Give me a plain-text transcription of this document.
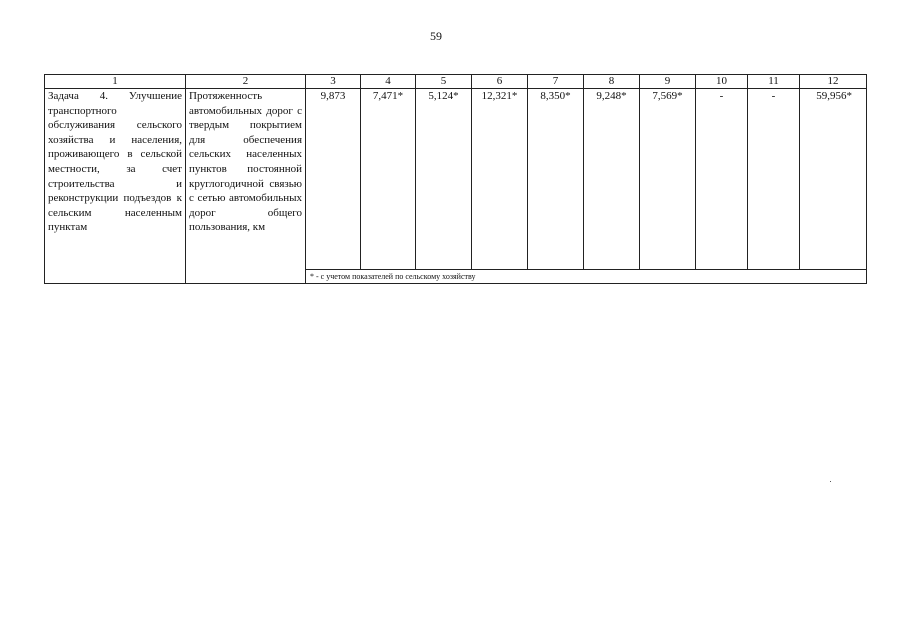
59
1	2	3	4	5	6	7	8	9	10	11	12
Задача 4. Улучшение транспортного обслуживания сельского хозяйства и населения, проживающего в сельской местности, за счет строительства и реконструкции подъездов к сельским населенным пунктам	Протяженность автомобильных дорог с твердым покрытием для обеспечения сельских населенных пунктов постоянной круглогодичной связью с сетью автомобильных дорог общего пользования, км	9,873	7,471*	5,124*	12,321*	8,350*	9,248*	7,569*	-	-	59,956*
		* - с учетом показателей по сельскому хозяйству									
